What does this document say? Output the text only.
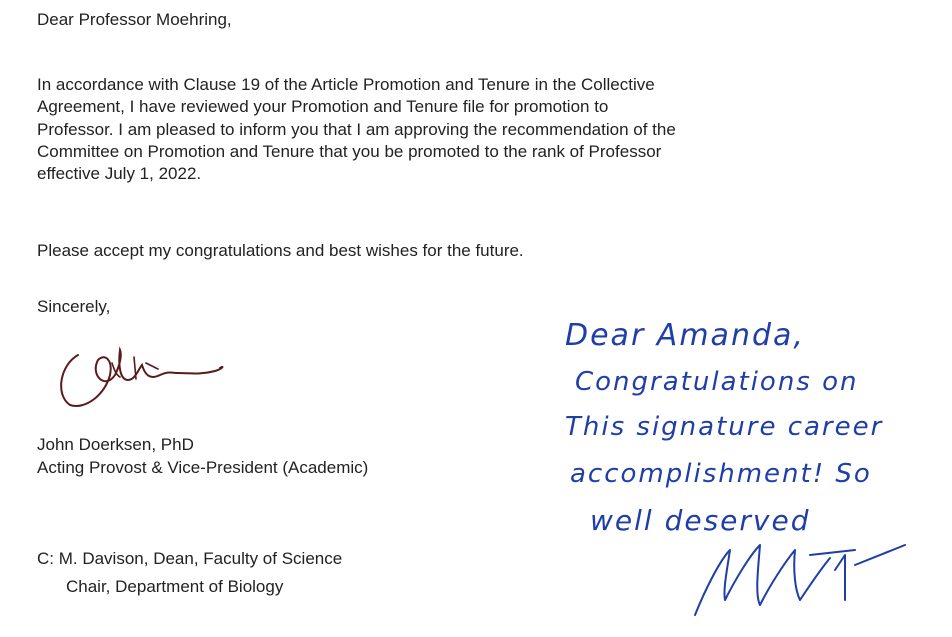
Dear Professor Moehring,
In accordance with Clause 19 of the Article Promotion and Tenure in the Collective
Agreement, I have reviewed your Promotion and Tenure file for promotion to
Professor. I am pleased to inform you that I am approving the recommendation of the
Committee on Promotion and Tenure that you be promoted to the rank of Professor
effective July 1, 2022.
Please accept my congratulations and best wishes for the future.
Sincerely,
John Doerksen, PhD
Acting Provost & Vice-President (Academic)
C: M. Davison, Dean, Faculty of Science
Chair, Department of Biology
Dear Amanda,
Congratulations on
This signature career
accomplishment! So
well deserved
